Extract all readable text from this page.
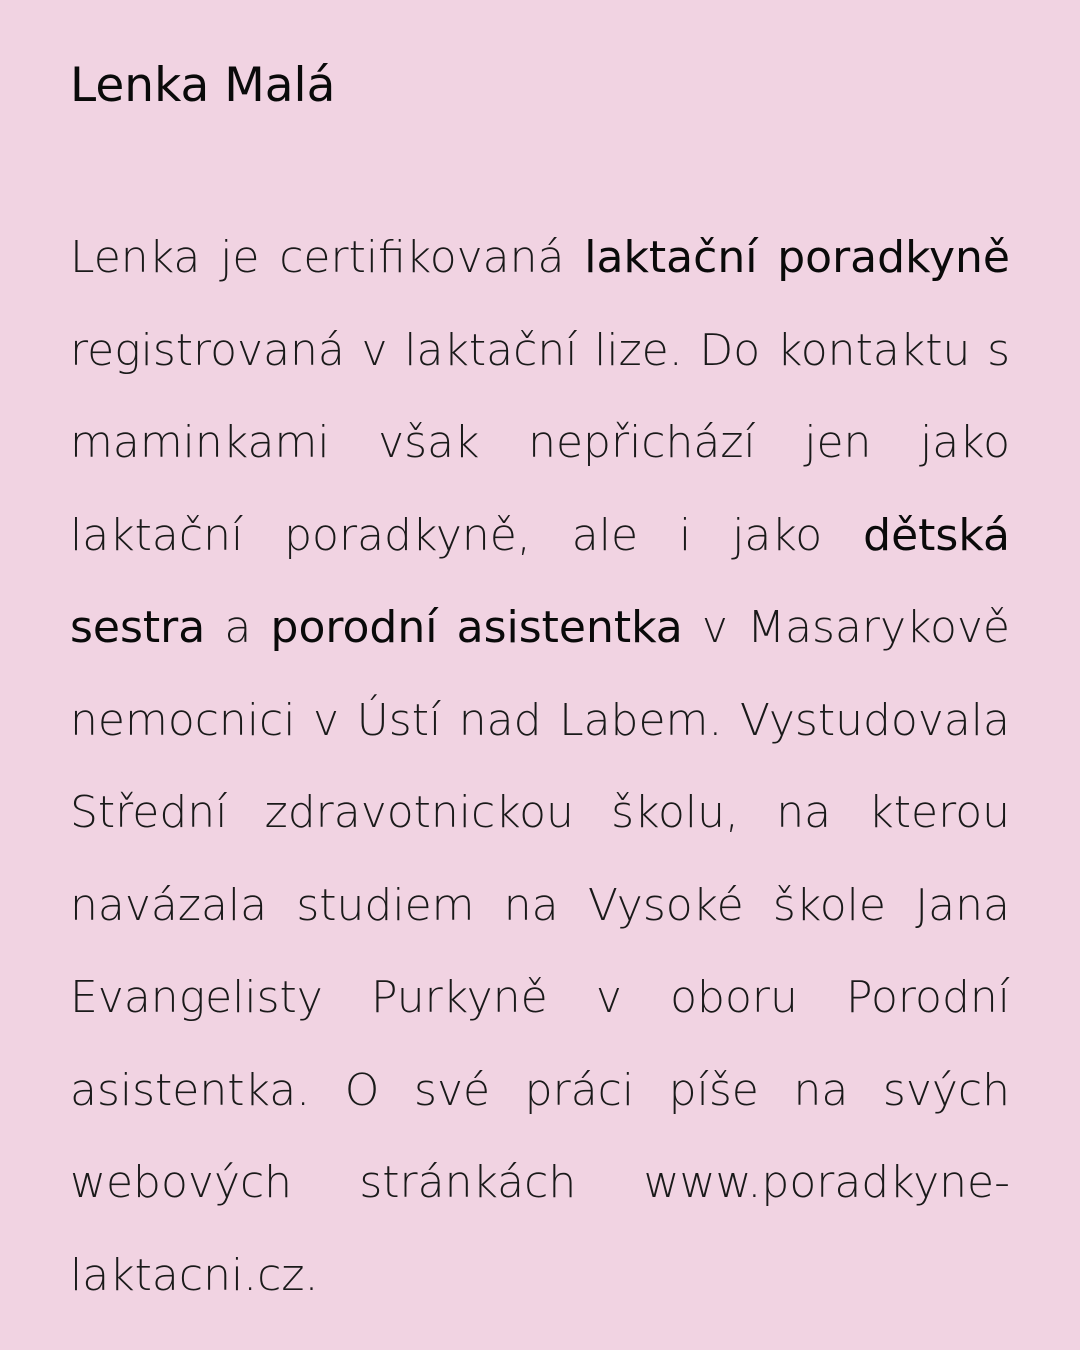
Lenka Malá

Lenka je certifikovaná laktační poradkyně registrovaná v laktační lize. Do kontaktu s maminkami však nepřichází jen jako laktační poradkyně, ale i jako dětská sestra a porodní asistentka v Masarykově nemocnici v Ústí nad Labem. Vystudovala Střední zdravotnickou školu, na kterou navázala studiem na Vysoké škole Jana Evangelisty Purkyně v oboru Porodní asistentka. O své práci píše na svých webových stránkách www.poradkyne-laktacni.cz.
